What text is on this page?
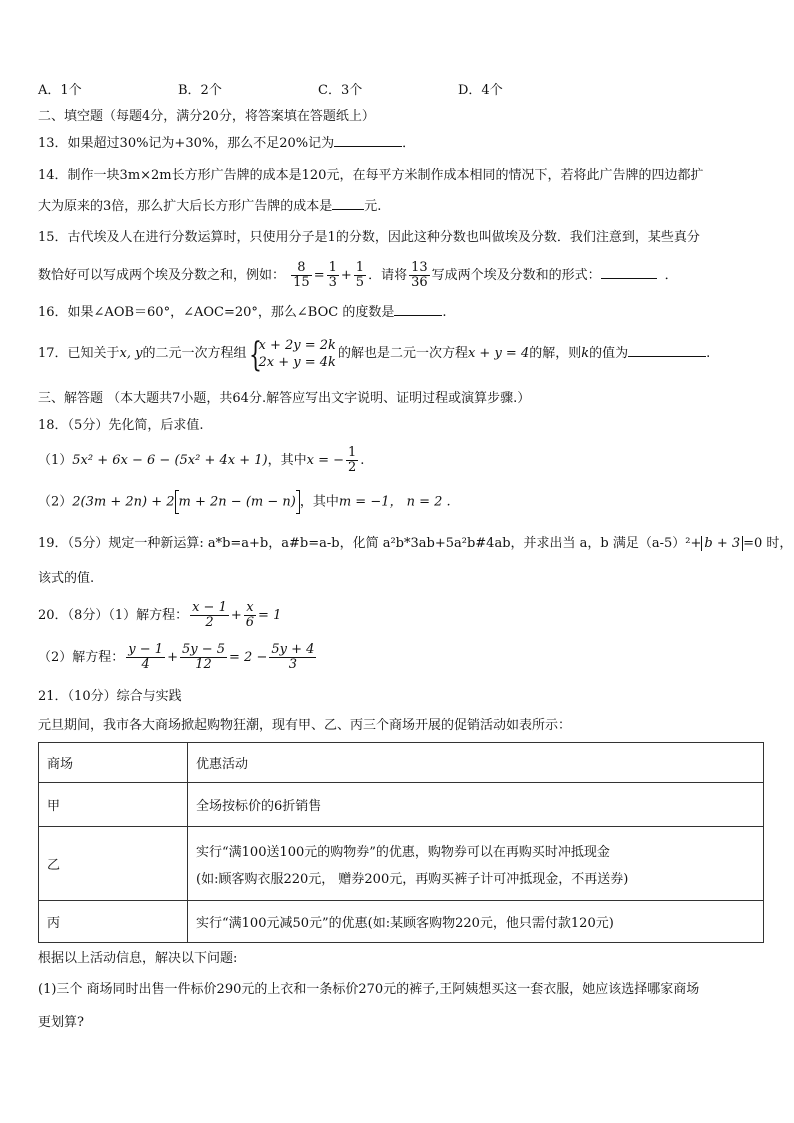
A．1个	B．2个	C．3个	D．4个
二、填空题（每题4分，满分20分，将答案填在答题纸上）
13．如果超过30%记为+30%，那么不足20%记为	．
14．制作一块3m×2m长方形广告牌的成本是120元，在每平方米制作成本相同的情况下，若将此广告牌的四边都扩
大为原来的3倍，那么扩大后长方形广告牌的成本是 元.
15．古代埃及人在进行分数运算时，只使用分子是1的分数，因此这种分数也叫做埃及分数．我们注意到，某些真分
数恰好可以写成两个埃及分数之和，例如： $\frac{8}{15} = \frac{1}{3} + \frac{1}{5}$ ．请将 $\frac{13}{36}$ 写成两个埃及分数和的形式：	．
16．如果∠AOB＝60°，∠AOC=20°，那么∠BOC 的度数是	.
17．已知关于x, y的二元一次方程组 {
x + 2y = 2k
2x + y = 4k
的解也是二元一次方程x + y = 4的解，则k的值为	.
三、解答题 （本大题共7小题，共64分.解答应写出文字说明、证明过程或演算步骤.）
18．（5分）先化简，后求值.
（1）5x² + 6x − 6 − (5x² + 4x + 1)，其中x = − $\frac{1}{2}$ .
（2）2(3m + 2n) + 2 m + 2n − (m − n) ，其中m = −1， n = 2 .
19．（5分）规定一种新运算: a*b=a+b，a#b=a-b，化简 a²b*3ab+5a²b#4ab，并求出当 a，b 满足（a-5）²+ b + 3 =0 时，
该式的值.
20．（8分）（1）解方程： $\frac{x - 1}{2} + \frac{x}{6} = 1$
（2）解方程： $\frac{y - 1}{4} + \frac{5y - 5}{12} = 2 - \frac{5y + 4}{3}$
21．（10分）综合与实践
元旦期间，我市各大商场掀起购物狂潮，现有甲、乙、丙三个商场开展的促销活动如表所示：
商场	优惠活动
甲	全场按标价的6折销售
乙	实行“满100送100元的购物券”的优惠，购物券可以在再购买时冲抵现金
(如:顾客购衣服220元， 赠券200元，再购买裤子计可冲抵现金，不再送券)

丙	实行“满100元减50元”的优惠(如:某顾客购物220元，他只需付款120元)
根据以上活动信息，解决以下问题:
(1)三个 商场同时出售一件标价290元的上衣和一条标价270元的裤子,王阿姨想买这一套衣服，她应该选择哪家商场
更划算?
